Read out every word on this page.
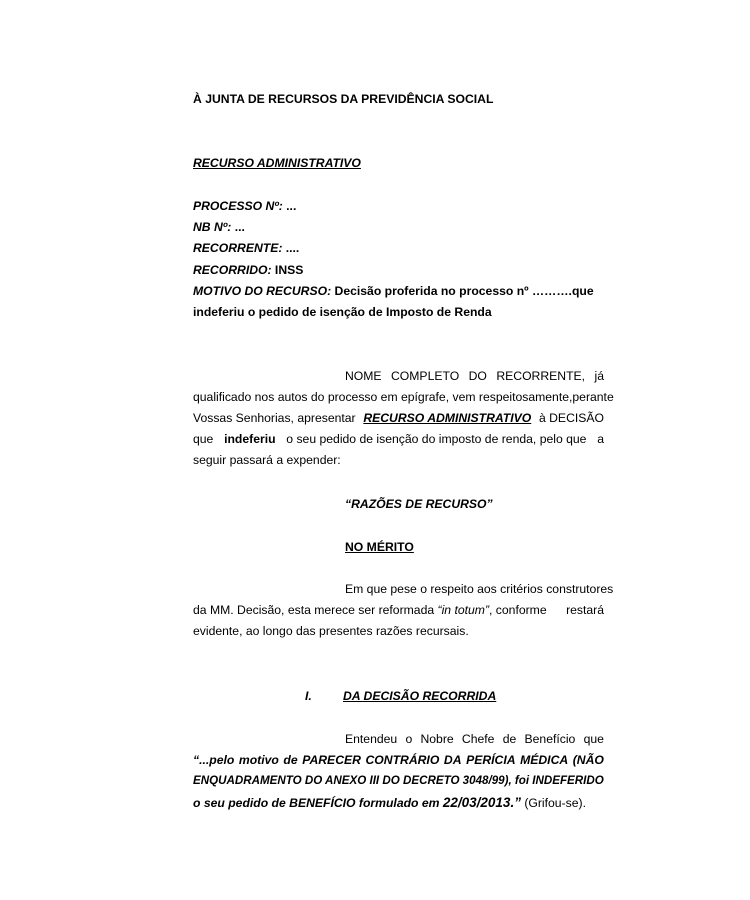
À JUNTA DE RECURSOS DA PREVIDÊNCIA SOCIAL
RECURSO ADMINISTRATIVO
PROCESSO Nº: ...
NB Nº: ...
RECORRENTE: ....
RECORRIDO: INSS
MOTIVO DO RECURSO: Decisão proferida no processo nº ……….que
indeferiu o pedido de isenção de Imposto de Renda
NOME COMPLETO DO RECORRENTE, já
qualificado nos autos do processo em epígrafe, vem respeitosamente, perante
Vossas Senhorias, apresentar RECURSO ADMINISTRATIVO à DECISÃO
que indeferiu o seu pedido de isenção do imposto de renda, pelo que a
seguir passará a expender:
“RAZÕES DE RECURSO”
NO MÉRITO
Em que pese o respeito aos critérios construtores
da MM. Decisão, esta merece ser reformada “in totum”, conforme restará
evidente, ao longo das presentes razões recursais.
I.	DA DECISÃO RECORRIDA
Entendeu o Nobre Chefe de Benefício que
“...pelo motivo de PARECER CONTRÁRIO DA PERÍCIA MÉDICA (NÃO
ENQUADRAMENTO DO ANEXO III DO DECRETO 3048/99), foi INDEFERIDO
o seu pedido de BENEFÍCIO formulado em 22/03/2013.” (Grifou-se).
